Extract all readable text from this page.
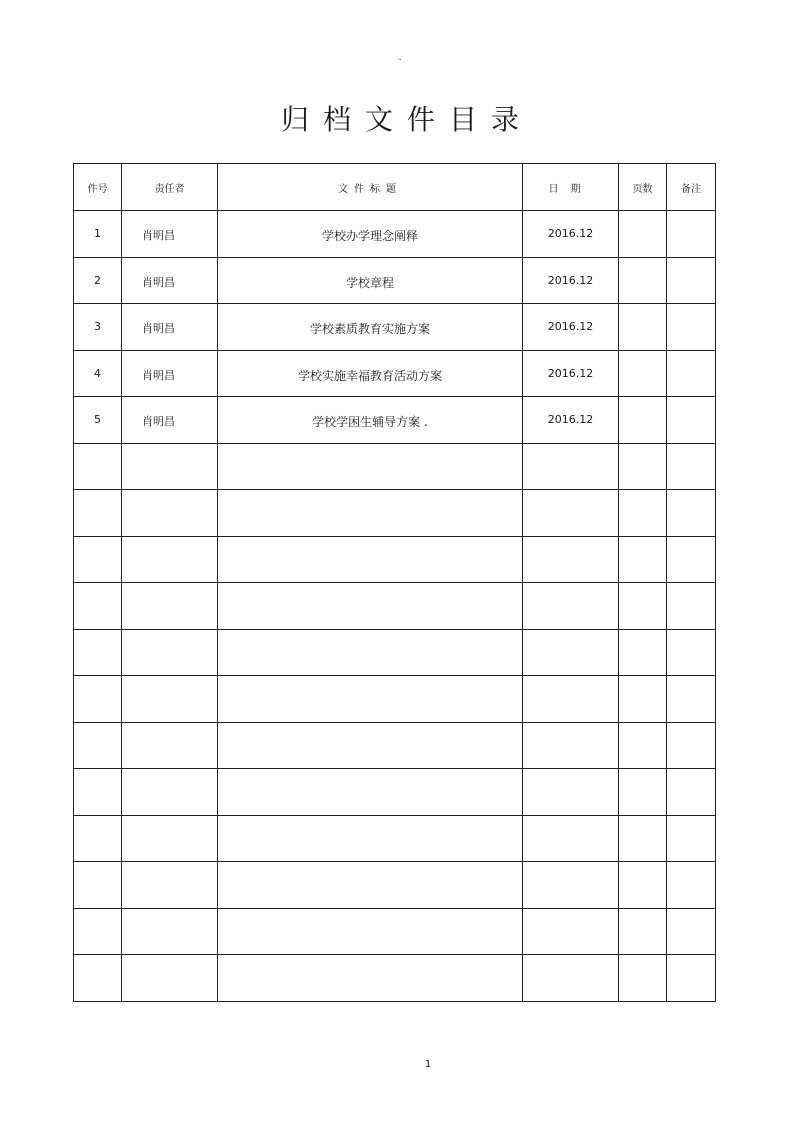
.
归档文件目录
件号	责任者	文件标题	日期	页数	备注
1	肖明昌	学校办学理念阐释	2016.12		
2	肖明昌	学校章程	2016.12		
3	肖明昌	学校素质教育实施方案	2016.12		
4	肖明昌	学校实施幸福教育活动方案	2016.12		
5	肖明昌	学校学困生辅导方案 .	2016.12		

1
